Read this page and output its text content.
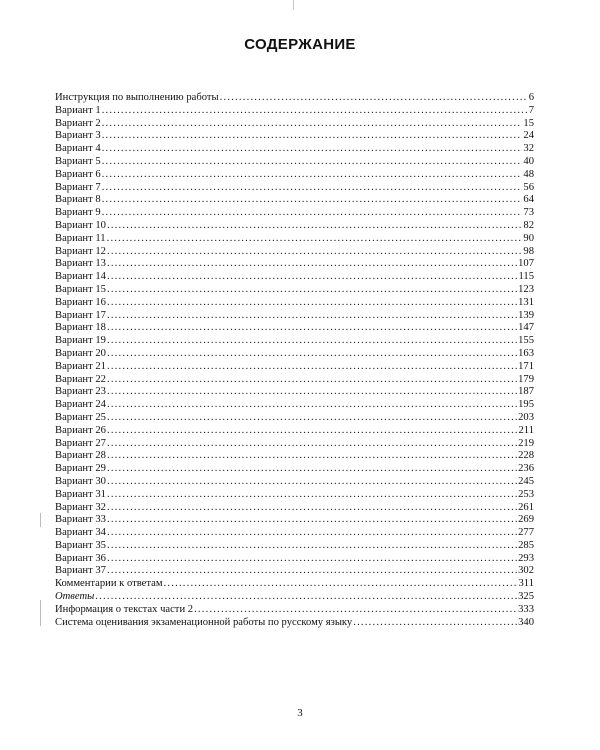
СОДЕРЖАНИЕ
Инструкция по выполнению работы .....	6
Вариант 1 .....	7
Вариант 2 .....	15
Вариант 3 .....	24
Вариант 4 .....	32
Вариант 5 .....	40
Вариант 6 .....	48
Вариант 7 .....	56
Вариант 8 .....	64
Вариант 9 .....	73
Вариант 10 .....	82
Вариант 11 .....	90
Вариант 12 .....	98
Вариант 13 .....	107
Вариант 14 .....	115
Вариант 15 .....	123
Вариант 16 .....	131
Вариант 17 .....	139
Вариант 18 .....	147
Вариант 19 .....	155
Вариант 20 .....	163
Вариант 21 .....	171
Вариант 22 .....	179
Вариант 23 .....	187
Вариант 24 .....	195
Вариант 25 .....	203
Вариант 26 .....	211
Вариант 27 .....	219
Вариант 28 .....	228
Вариант 29 .....	236
Вариант 30 .....	245
Вариант 31 .....	253
Вариант 32 .....	261
Вариант 33 .....	269
Вариант 34 .....	277
Вариант 35 .....	285
Вариант 36 .....	293
Вариант 37 .....	302
Комментарии к ответам .....	311
Ответы .....	325
Информация о текстах части 2 .....	333
Система оценивания экзаменационной работы по русскому языку .....	340
3
